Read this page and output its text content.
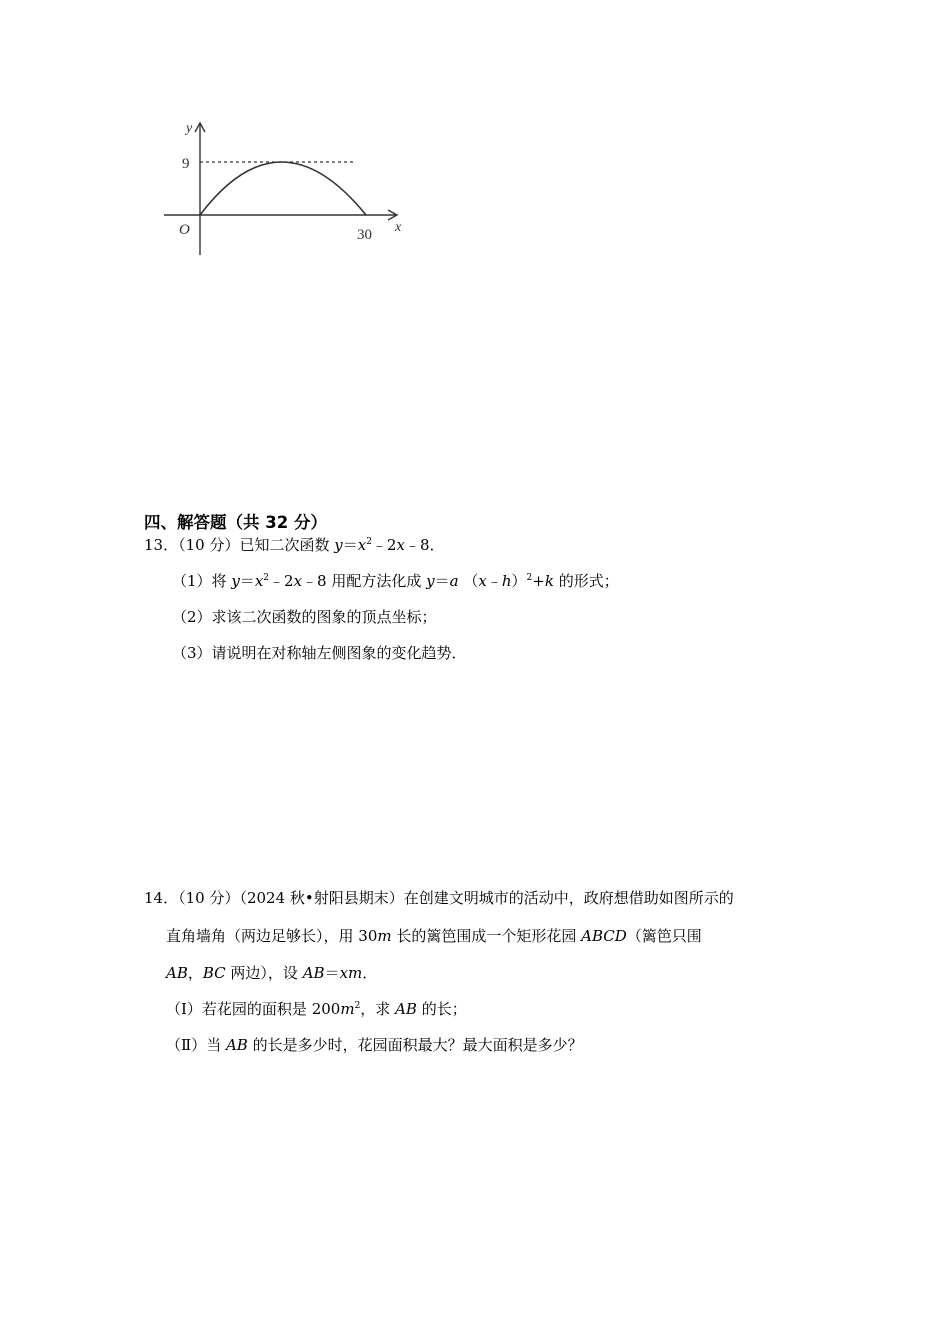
y
x
O
9
30
四、解答题（共 32 分）
13．（10 分）已知二次函数 $y=x^2﹣2x﹣8$．
（1）将 $y=x^2﹣2x﹣8$ 用配方法化成 y＝a （x﹣h）$^2$+k 的形式；
（2）求该二次函数的图象的顶点坐标；
（3）请说明在对称轴左侧图象的变化趋势．
14．（10 分）（2024 秋•射阳县期末）在创建文明城市的活动中，政府想借助如图所示的
直角墙角（两边足够长），用 30m 长的篱笆围成一个矩形花园 ABCD（篱笆只围
AB，BC 两边），设 AB＝xm．
（Ⅰ）若花园的面积是 $200m^2$，求 AB 的长；
（Ⅱ）当 AB 的长是多少时，花园面积最大？最大面积是多少？
